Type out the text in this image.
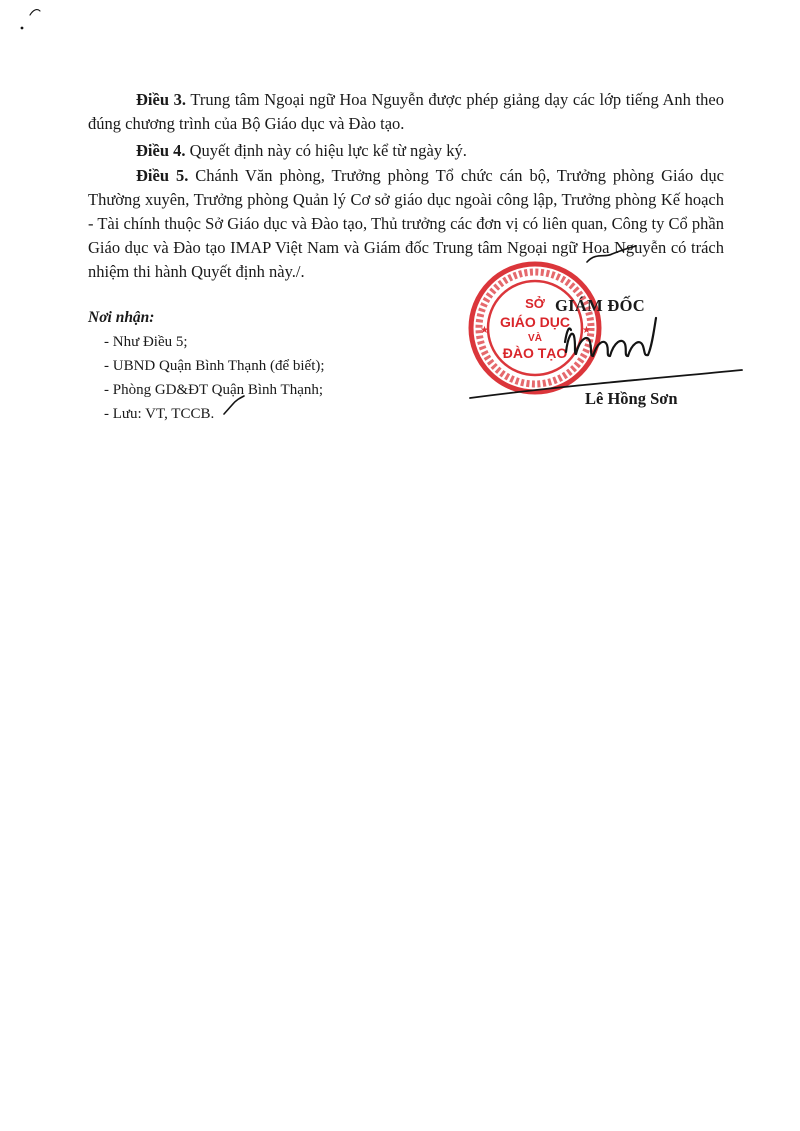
Điều 3. Trung tâm Ngoại ngữ Hoa Nguyễn được phép giảng dạy các lớp tiếng Anh theo đúng chương trình của Bộ Giáo dục và Đào tạo.

Điều 4. Quyết định này có hiệu lực kể từ ngày ký.

Điều 5. Chánh Văn phòng, Trưởng phòng Tổ chức cán bộ, Trưởng phòng Giáo dục Thường xuyên, Trưởng phòng Quản lý Cơ sở giáo dục ngoài công lập, Trưởng phòng Kế hoạch - Tài chính thuộc Sở Giáo dục và Đào tạo, Thủ trưởng các đơn vị có liên quan, Công ty Cổ phần Giáo dục và Đào tạo IMAP Việt Nam và Giám đốc Trung tâm Ngoại ngữ Hoa Nguyễn có trách nhiệm thi hành Quyết định này./.

Nơi nhận:
- Như Điều 5;
- UBND Quận Bình Thạnh (để biết);
- Phòng GD&ĐT Quận Bình Thạnh;
- Lưu: VT, TCCB.
★	★
SỞ
GIÁO DỤC
VÀ
ĐÀO TẠO

GIÁM ĐỐC

Lê Hồng Sơn
